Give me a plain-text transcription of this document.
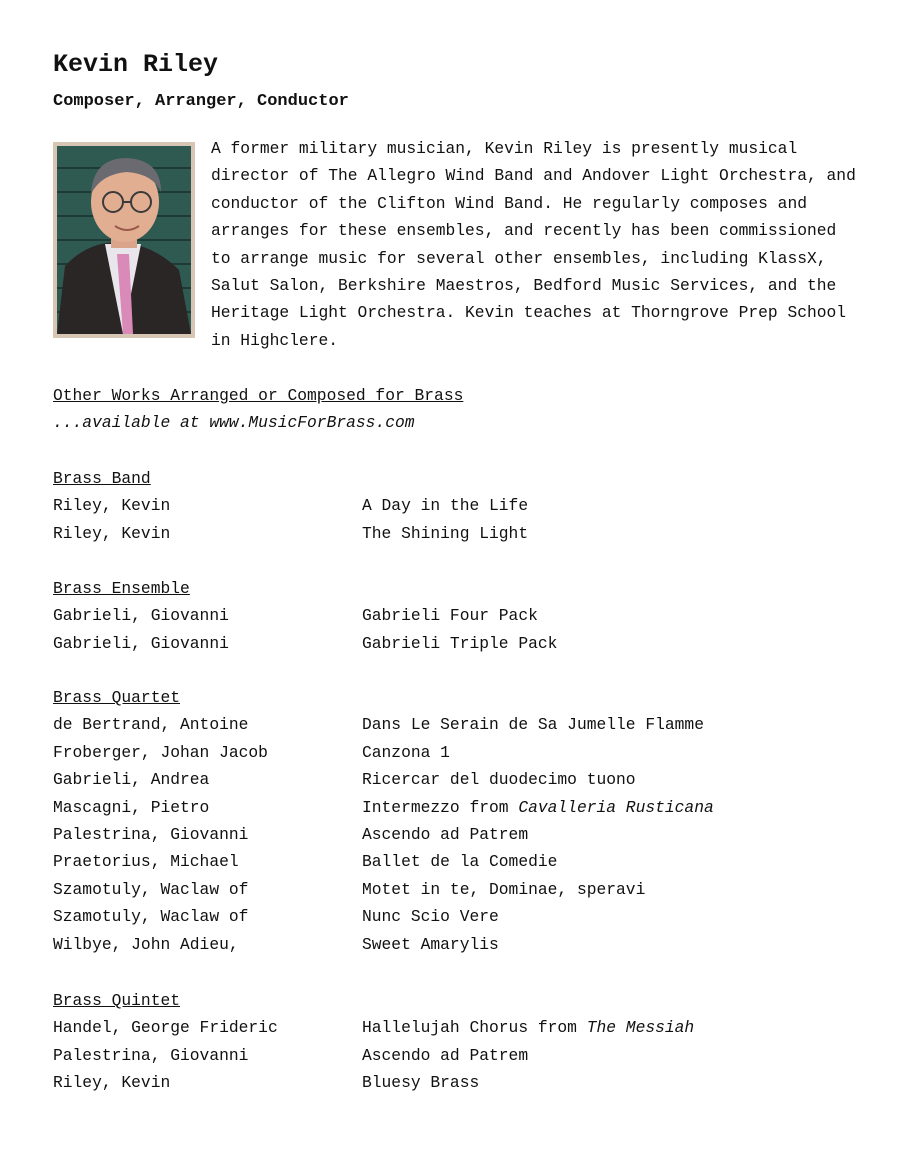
Kevin Riley
Composer, Arranger, Conductor

A former military musician, Kevin Riley is presently musical director of The Allegro Wind Band and Andover Light Orchestra, and conductor of the Clifton Wind Band. He regularly composes and arranges for these ensembles, and recently has been commissioned to arrange music for several other ensembles, including KlassX, Salut Salon, Berkshire Maestros, Bedford Music Services, and the Heritage Light Orchestra. Kevin teaches at Thorngrove Prep School in Highclere.

Other Works Arranged or Composed for Brass
...available at www.MusicForBrass.com
Brass Band
Riley, Kevin	A Day in the Life
Riley, Kevin	The Shining Light
Brass Ensemble
Gabrieli, Giovanni	Gabrieli Four Pack
Gabrieli, Giovanni	Gabrieli Triple Pack
Brass Quartet
de Bertrand, Antoine	Dans Le Serain de Sa Jumelle Flamme
Froberger, Johan Jacob	Canzona 1
Gabrieli, Andrea	Ricercar del duodecimo tuono
Mascagni, Pietro	Intermezzo from Cavalleria Rusticana
Palestrina, Giovanni	Ascendo ad Patrem
Praetorius, Michael	Ballet de la Comedie
Szamotuly, Waclaw of	Motet in te, Dominae, speravi
Szamotuly, Waclaw of	Nunc Scio Vere
Wilbye, John Adieu,	Sweet Amarylis
Brass Quintet
Handel, George Frideric	Hallelujah Chorus from The Messiah
Palestrina, Giovanni	Ascendo ad Patrem
Riley, Kevin	Bluesy Brass
